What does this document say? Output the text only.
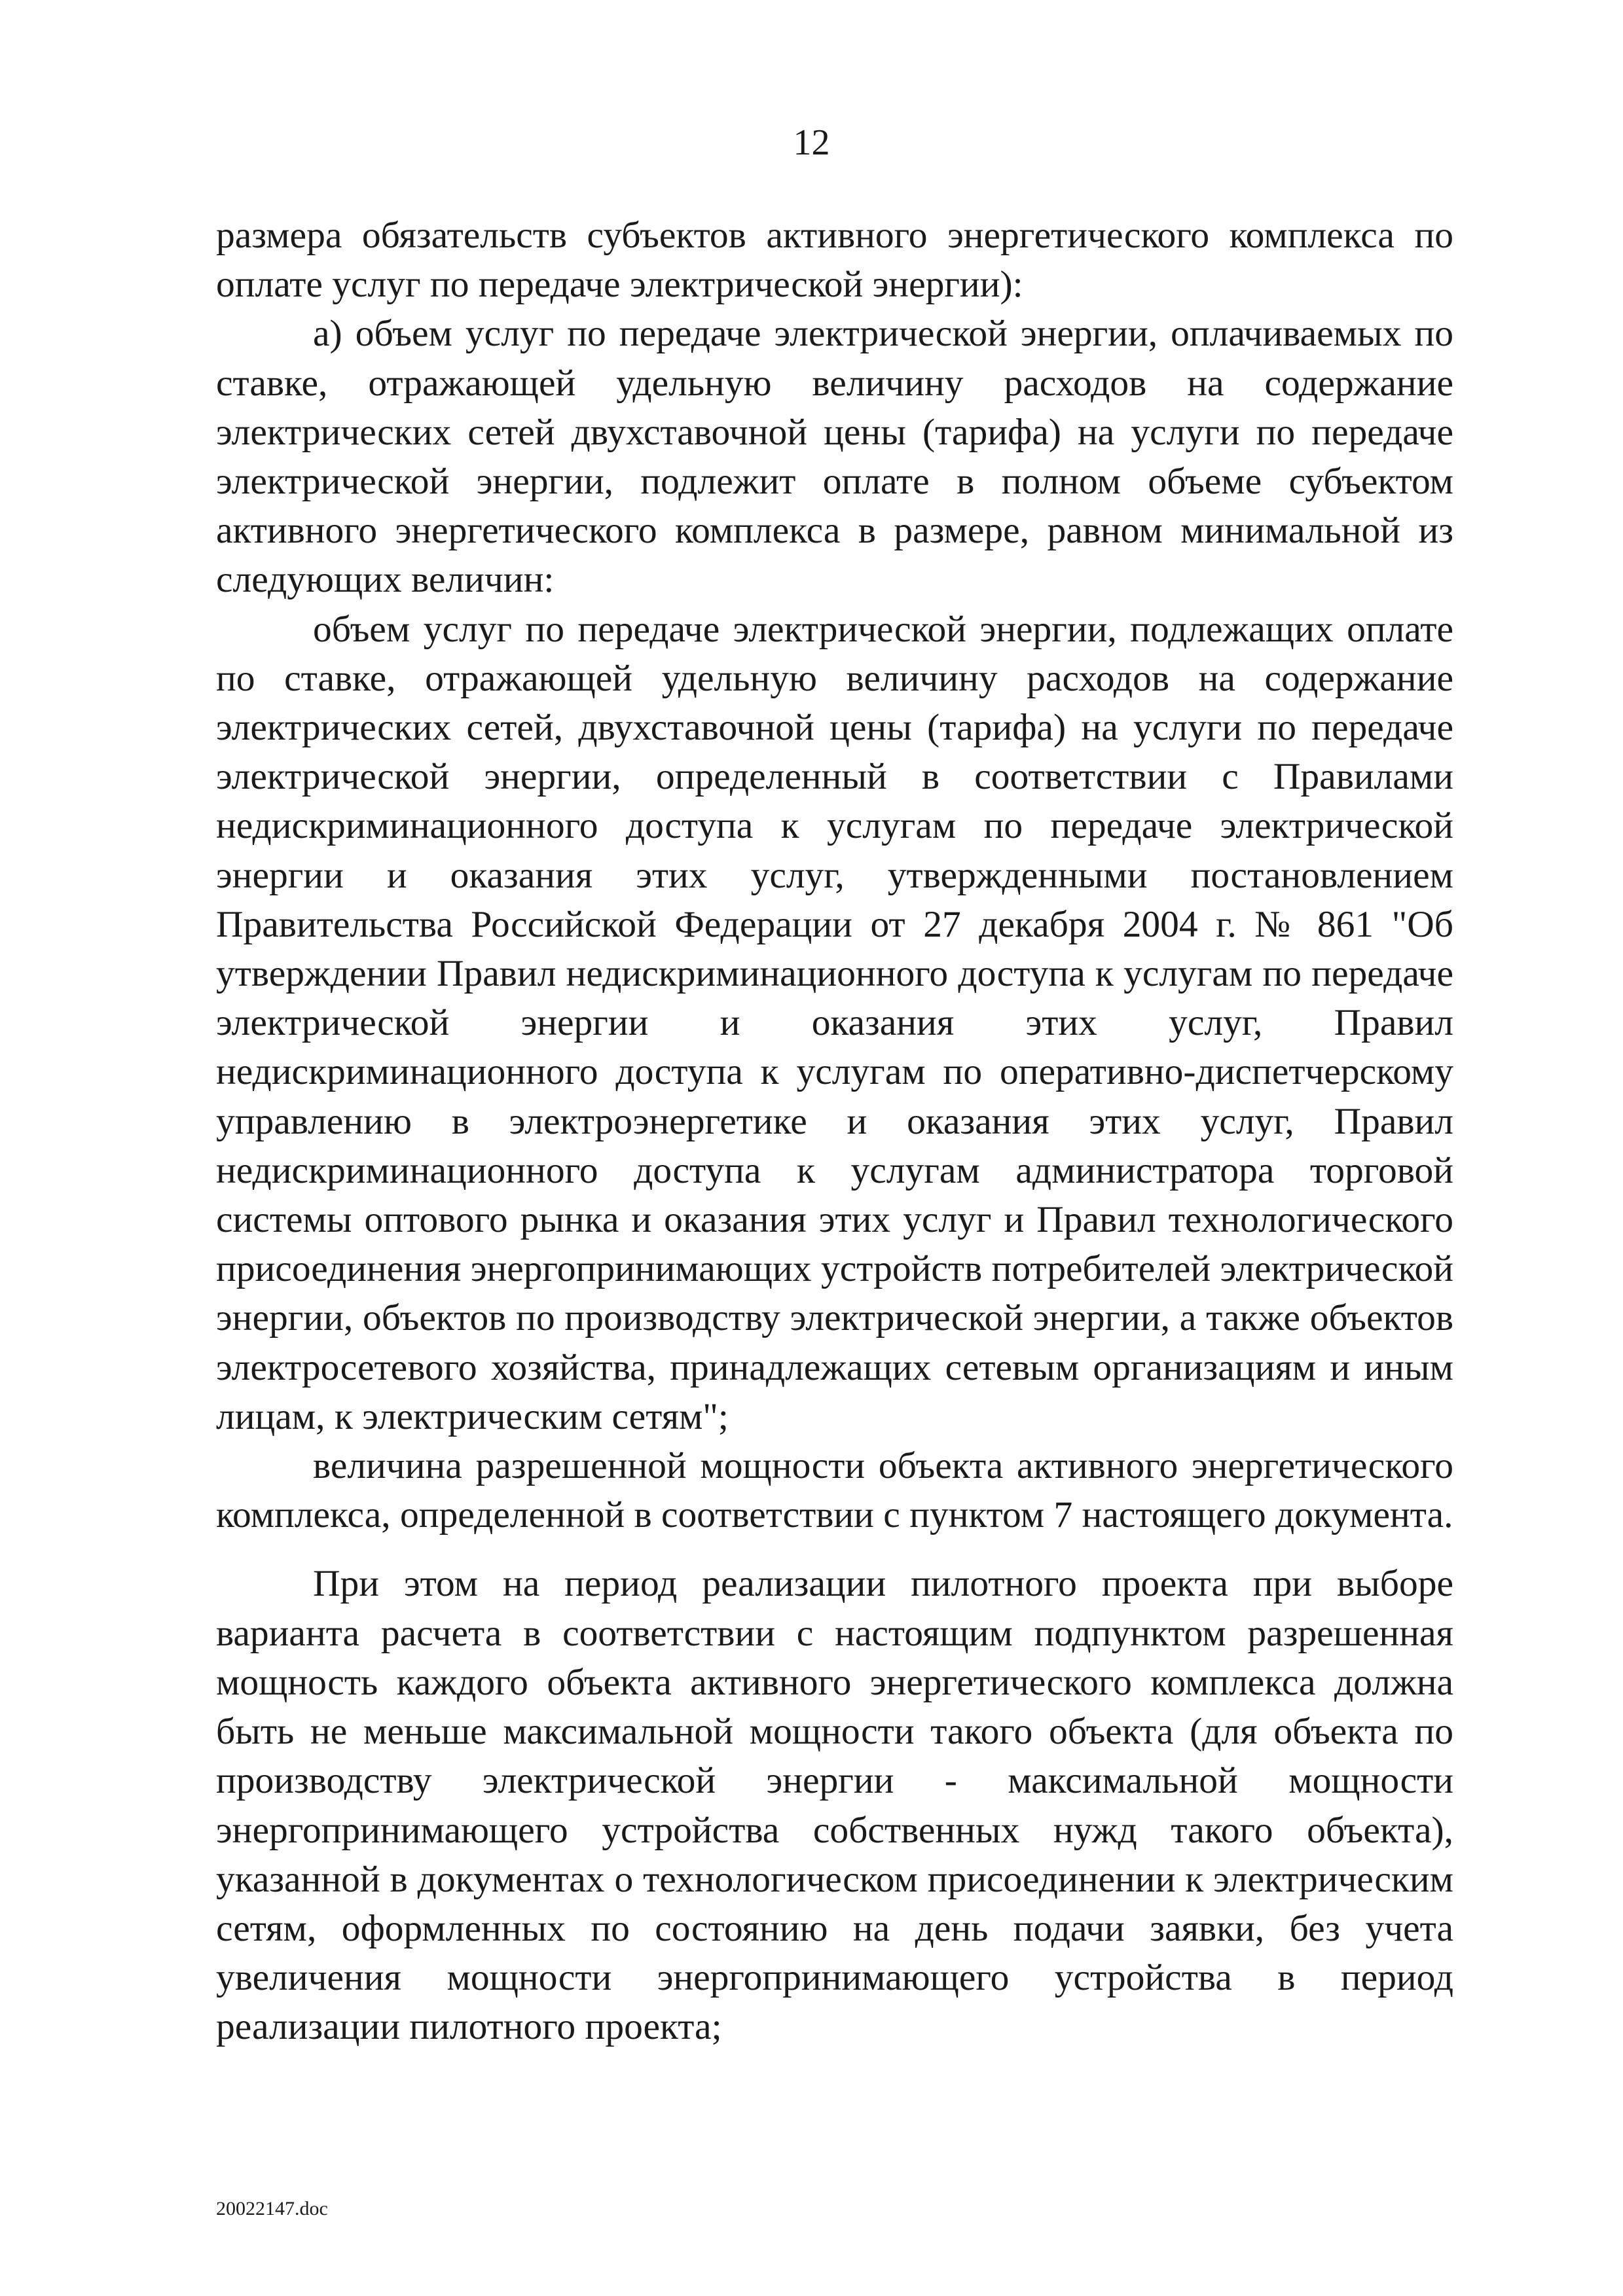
12

размера обязательств субъектов активного энергетического комплекса по оплате услуг по передаче электрической энергии):

а) объем услуг по передаче электрической энергии, оплачиваемых по ставке, отражающей удельную величину расходов на содержание электрических сетей двухставочной цены (тарифа) на услуги по передаче электрической энергии, подлежит оплате в полном объеме субъектом активного энергетического комплекса в размере, равном минимальной из следующих величин:

объем услуг по передаче электрической энергии, подлежащих оплате по ставке, отражающей удельную величину расходов на содержание электрических сетей, двухставочной цены (тарифа) на услуги по передаче электрической энергии, определенный в соответствии с Правилами недискриминационного доступа к услугам по передаче электрической энергии и оказания этих услуг, утвержденными постановлением Правительства Российской Федерации от 27 декабря 2004 г. № 861 "Об утверждении Правил недискриминационного доступа к услугам по передаче электрической энергии и оказания этих услуг, Правил недискриминационного доступа к услугам по оперативно-диспетчерскому управлению в электроэнергетике и оказания этих услуг, Правил недискриминационного доступа к услугам администратора торговой системы оптового рынка и оказания этих услуг и Правил технологического присоединения энергопринимающих устройств потребителей электрической энергии, объектов по производству электрической энергии, а также объектов электросетевого хозяйства, принадлежащих сетевым организациям и иным лицам, к электрическим сетям";

величина разрешенной мощности объекта активного энергетического комплекса, определенной в соответствии с пунктом 7 настоящего документа.

При этом на период реализации пилотного проекта при выборе варианта расчета в соответствии с настоящим подпунктом разрешенная мощность каждого объекта активного энергетического комплекса должна быть не меньше максимальной мощности такого объекта (для объекта по производству электрической энергии - максимальной мощности энергопринимающего устройства собственных нужд такого объекта), указанной в документах о технологическом присоединении к электрическим сетям, оформленных по состоянию на день подачи заявки, без учета увеличения мощности энергопринимающего устройства в период реализации пилотного проекта;

20022147.doc
